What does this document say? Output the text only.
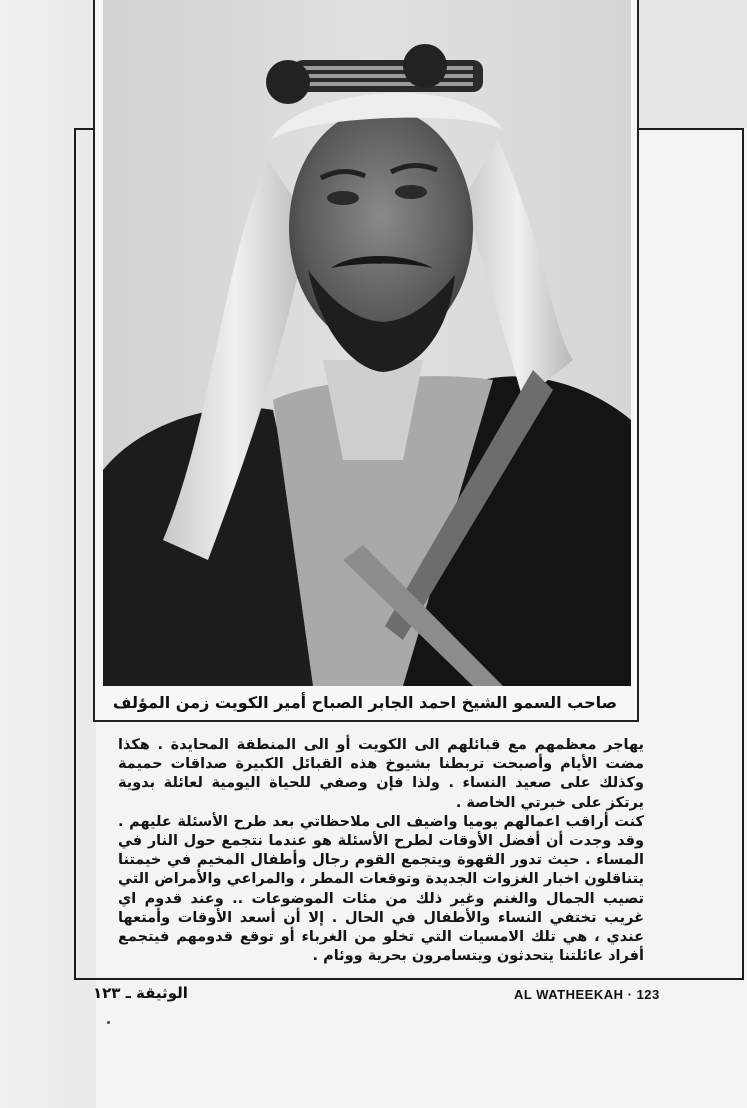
صاحب السمو الشيخ احمد الجابر الصباح أمير الكويت زمن المؤلف

يهاجر معظمهم مع قبائلهم الى الكويت أو الى المنطقة المحايدة . هكذا مضت الأيام وأصبحت تربطنا بشيوخ هذه القبائل الكبيرة صداقات حميمة وكذلك على صعيد النساء . ولذا فإن وصفي للحياة اليومية لعائلة بدوية يرتكز على خبرتي الخاصة .

كنت أراقب اعمالهم يوميا واضيف الى ملاحظاتي بعد طرح الأسئلة عليهم . وقد وجدت أن أفضل الأوقات لطرح الأسئلة هو عندما نتجمع حول النار في المساء . حيث تدور القهوة ويتجمع القوم رجال وأطفال المخيم في خيمتنا يتناقلون اخبار الغزوات الجديدة وتوقعات المطر ، والمراعي والأمراض التي تصيب الجمال والغنم وغير ذلك من مئات الموضوعات .. وعند قدوم اي غريب تختفي النساء والأطفال في الحال . إلا أن أسعد الأوقات وأمتعها عندي ، هي تلك الامسيات التي تخلو من الغرباء أو توقع قدومهم فيتجمع أفراد عائلتنا يتحدثون ويتسامرون بحرية ووئام .

الوثيقة ـ ١٢٣	AL WATHEEKAH · 123
